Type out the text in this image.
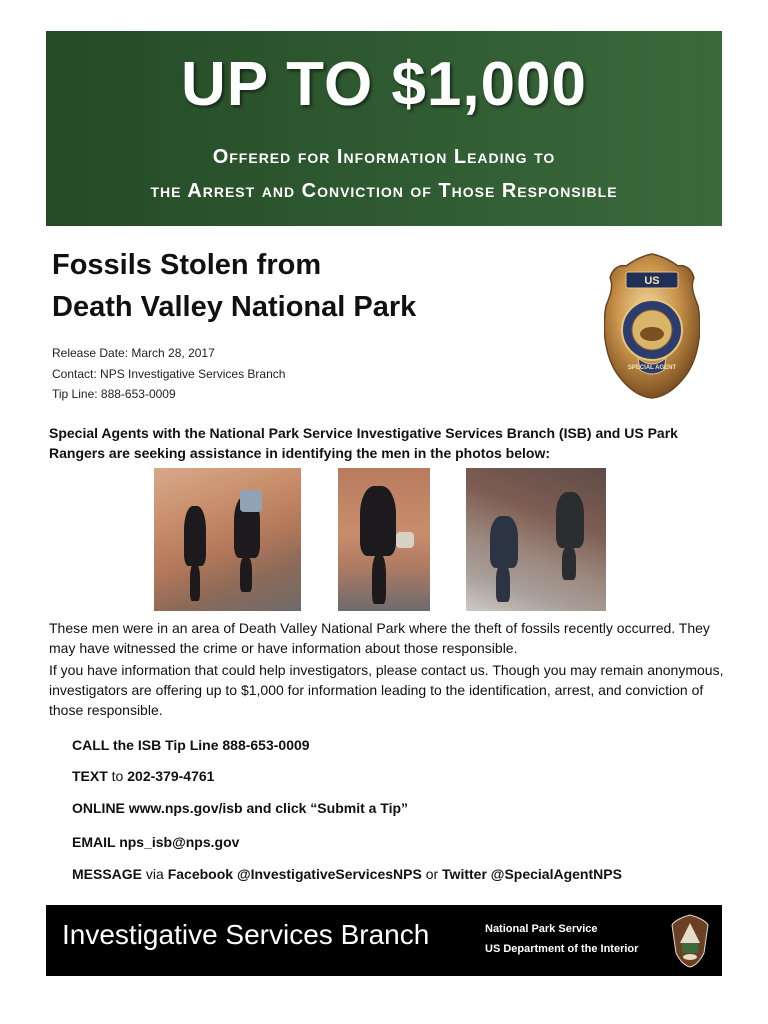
UP TO $1,000
Offered for Information Leading to
the Arrest and Conviction of Those Responsible
Fossils Stolen from
Death Valley National Park
Release Date: March 28, 2017
Contact: NPS Investigative Services Branch
Tip Line: 888-653-0009
US
SPECIAL AGENT
Special Agents with the National Park Service Investigative Services Branch (ISB) and US Park Rangers are seeking assistance in identifying the men in the photos below:
These men were in an area of Death Valley National Park where the theft of fossils recently occurred. They may have witnessed the crime or have information about those responsible.
If you have information that could help investigators, please contact us. Though you may remain anonymous, investigators are offering up to $1,000 for information leading to the identification, arrest, and conviction of those responsible.
CALL the ISB Tip Line 888-653-0009
TEXT to 202-379-4761
ONLINE www.nps.gov/isb and click “Submit a Tip”
EMAIL nps_isb@nps.gov
MESSAGE via Facebook @InvestigativeServicesNPS or Twitter @SpecialAgentNPS
Investigative Services Branch	National Park Service
US Department of the Interior
